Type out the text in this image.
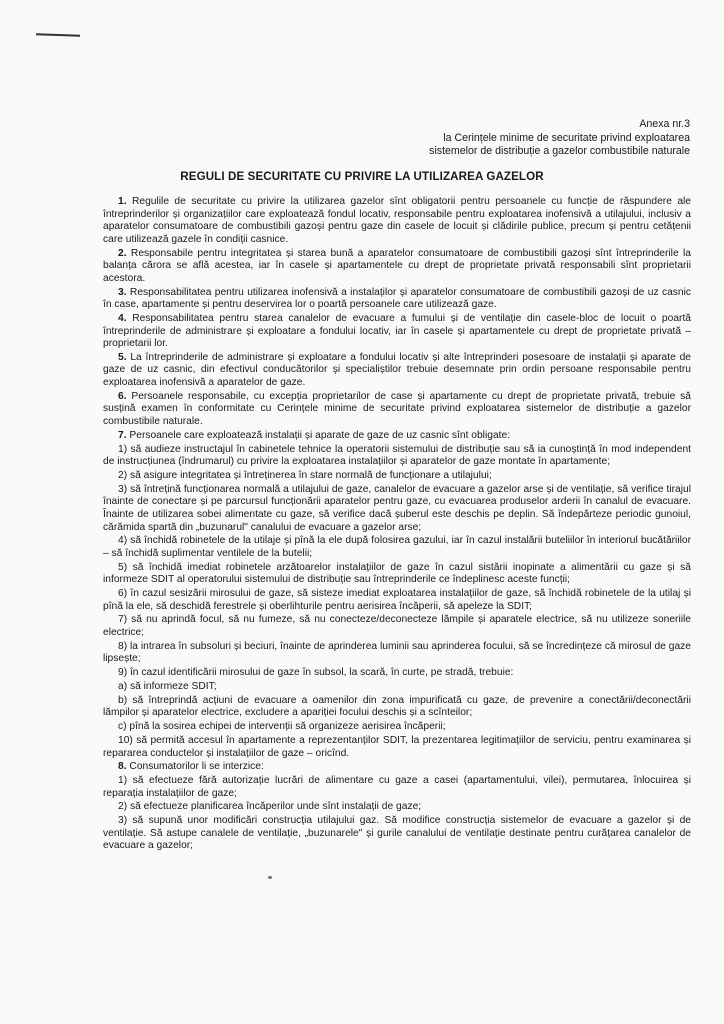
Anexa nr.3
la Cerințele minime de securitate privind exploatarea
sistemelor de distribuție a gazelor combustibile naturale
REGULI DE SECURITATE CU PRIVIRE LA UTILIZAREA GAZELOR

1. Regulile de securitate cu privire la utilizarea gazelor sînt obligatorii pentru persoanele cu funcție de răspundere ale întreprinderilor și organizațiilor care exploatează fondul locativ, responsabile pentru exploatarea inofensivă a utilajului, inclusiv a aparatelor consumatoare de combustibili gazoși pentru gaze din casele de locuit și clădirile publice, precum și pentru cetățenii care utilizează gazele în condiții casnice.

2. Responsabile pentru integritatea și starea bună a aparatelor consumatoare de combustibili gazoși sînt întreprinderile la balanța cărora se află acestea, iar în casele și apartamentele cu drept de proprietate privată responsabili sînt proprietarii acestora.

3. Responsabilitatea pentru utilizarea inofensivă a instalaților și aparatelor consumatoare de combustibili gazoși de uz casnic în case, apartamente și pentru deservirea lor o poartă persoanele care utilizează gaze.

4. Responsabilitatea pentru starea canalelor de evacuare a fumului și de ventilație din casele-bloc de locuit o poartă întreprinderile de administrare și exploatare a fondului locativ, iar în casele și apartamentele cu drept de proprietate privată – proprietarii lor.

5. La întreprinderile de administrare și exploatare a fondului locativ și alte întreprinderi posesoare de instalații și aparate de gaze de uz casnic, din efectivul conducătorilor și specialiștilor trebuie desemnate prin ordin persoane responsabile pentru exploatarea inofensivă a aparatelor de gaze.

6. Persoanele responsabile, cu excepția proprietarilor de case și apartamente cu drept de proprietate privată, trebuie să susțină examen în conformitate cu Cerințele minime de securitate privind exploatarea sistemelor de distribuție a gazelor combustibile naturale.

7. Persoanele care exploatează instalații și aparate de gaze de uz casnic sînt obligate:

1) să audieze instructajul în cabinetele tehnice la operatorii sistemului de distribuție sau să ia cunoștință în mod independent de instrucțiunea (îndrumarul) cu privire la exploatarea instalațiilor și aparatelor de gaze montate în apartamente;

2) să asigure integritatea și întreținerea în stare normală de funcționare a utilajului;

3) să întrețină funcționarea normală a utilajului de gaze, canalelor de evacuare a gazelor arse și de ventilație, să verifice tirajul înainte de conectare și pe parcursul funcționării aparatelor pentru gaze, cu evacuarea produselor arderii în canalul de evacuare. Înainte de utilizarea sobei alimentate cu gaze, să verifice dacă șuberul este deschis pe deplin. Să îndepărteze periodic gunoiul, cărămida spartă din „buzunarul" canalului de evacuare a gazelor arse;

4) să închidă robinetele de la utilaje și pînă la ele după folosirea gazului, iar în cazul instalării buteliilor în interiorul bucătăriilor – să închidă suplimentar ventilele de la butelii;

5) să închidă imediat robinetele arzătoarelor instalațiilor de gaze în cazul sistării inopinate a alimentării cu gaze și să informeze SDIT al operatorului sistemului de distribuție sau întreprinderile ce îndeplinesc aceste funcții;

6) în cazul sesizării mirosului de gaze, să sisteze imediat exploatarea instalațiilor de gaze, să închidă robinetele de la utilaj și pînă la ele, să deschidă ferestrele și oberlihturile pentru aerisirea încăperii, să apeleze la SDIT;

7) să nu aprindă focul, să nu fumeze, să nu conecteze/deconecteze lămpile și aparatele electrice, să nu utilizeze soneriile electrice;

8) la intrarea în subsoluri și beciuri, înainte de aprinderea luminii sau aprinderea focului, să se încredințeze că mirosul de gaze lipsește;

9) în cazul identificării mirosului de gaze în subsol, la scară, în curte, pe stradă, trebuie:

a) să informeze SDIT;

b) să întreprindă acțiuni de evacuare a oamenilor din zona impurificată cu gaze, de prevenire a conectării/deconectării lămpilor și aparatelor electrice, excludere a apariției focului deschis și a scînteilor;

c) pînă la sosirea echipei de intervenții să organizeze aerisirea încăperii;

10) să permită accesul în apartamente a reprezentanților SDIT, la prezentarea legitimațiilor de serviciu, pentru examinarea și repararea conductelor și instalațiilor de gaze – oricînd.

8. Consumatorilor li se interzice:

1) să efectueze fără autorizație lucrări de alimentare cu gaze a casei (apartamentului, vilei), permutarea, înlocuirea și reparația instalațiilor de gaze;

2) să efectueze planificarea încăperilor unde sînt instalații de gaze;

3) să supună unor modificări construcția utilajului gaz. Să modifice construcția sistemelor de evacuare a gazelor și de ventilație. Să astupe canalele de ventilație, „buzunarele" și gurile canalului de ventilație destinate pentru curățarea canalelor de evacuare a gazelor;
